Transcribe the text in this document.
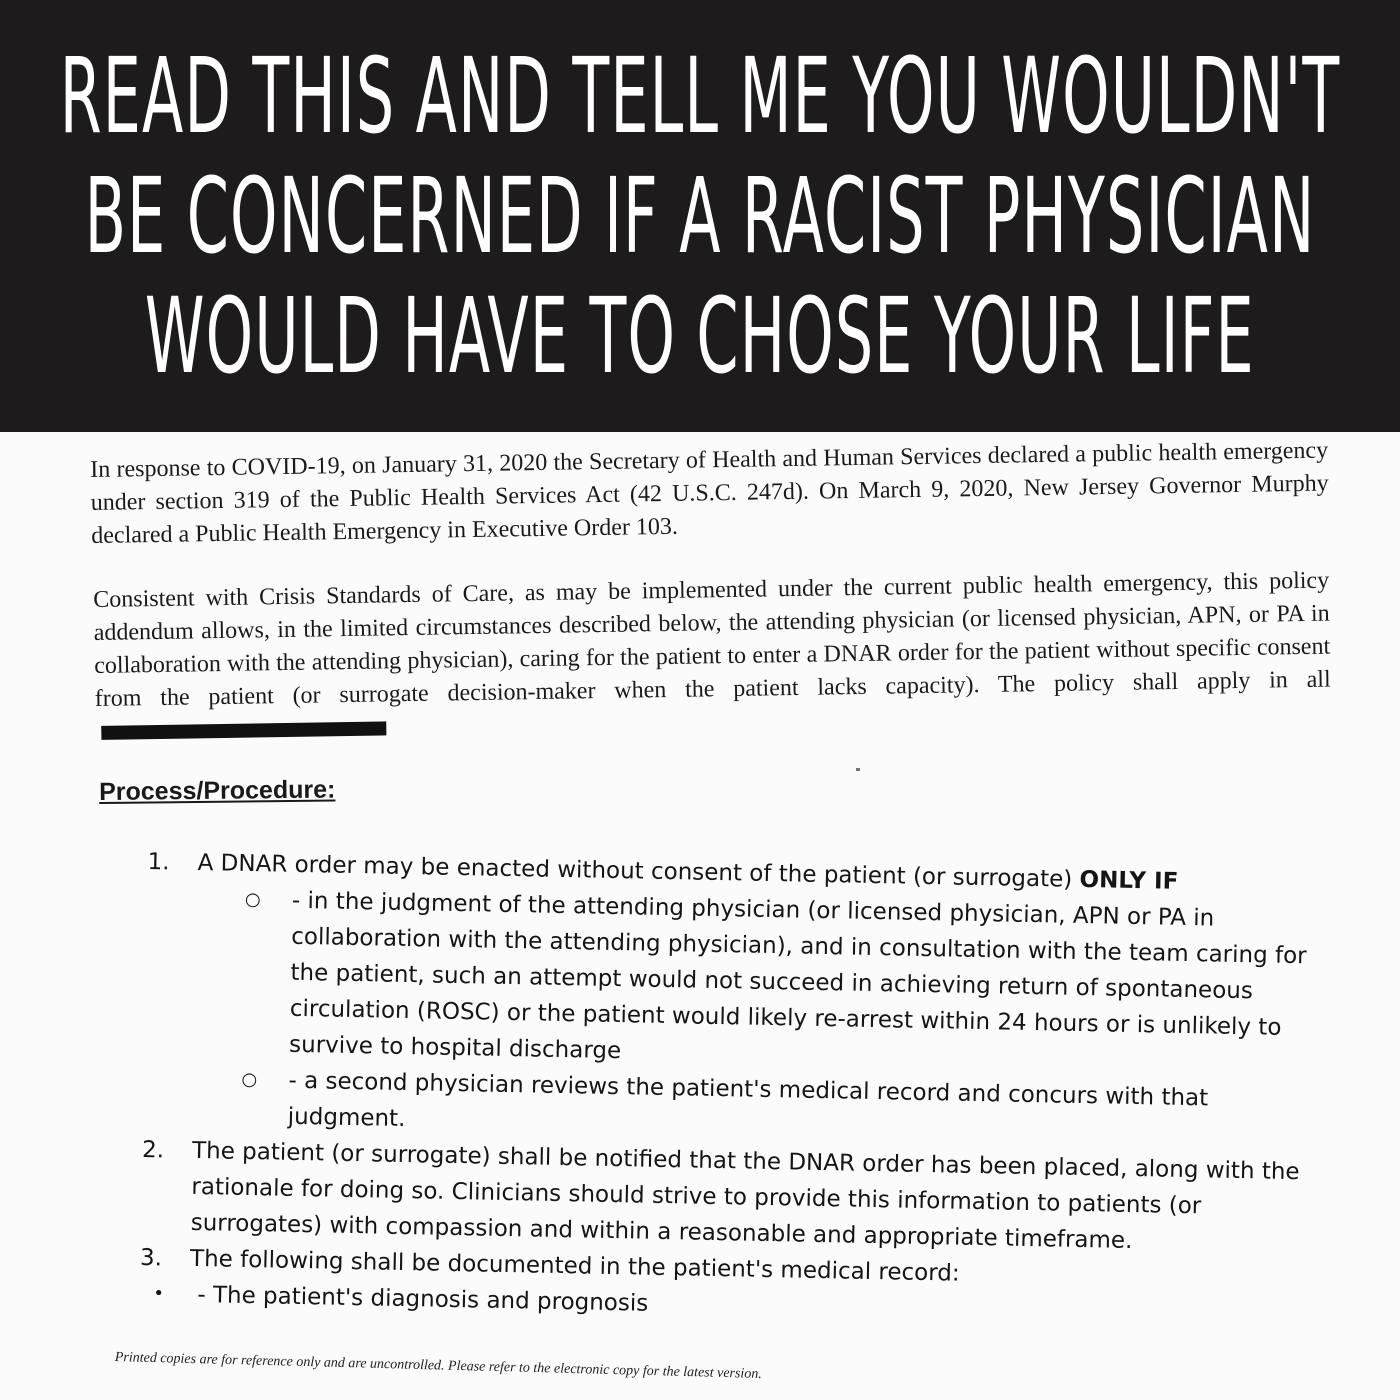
READ THIS AND TELL ME YOU WOULDN'T
BE CONCERNED IF A RACIST PHYSICIAN
WOULD HAVE TO CHOSE YOUR LIFE
In response to COVID-19, on January 31, 2020 the Secretary of Health and Human Services declared a public health emergency under section 319 of the Public Health Services Act (42 U.S.C. 247d). On March 9, 2020, New Jersey Governor Murphy declared a Public Health Emergency in Executive Order 103.
Consistent with Crisis Standards of Care, as may be implemented under the current public health emergency, this policy addendum allows, in the limited circumstances described below, the attending physician (or licensed physician, APN, or PA in collaboration with the attending physician), caring for the patient to enter a DNAR order for the patient without specific consent from the patient (or surrogate decision-maker when the patient lacks capacity). The policy shall apply in all
Process/Procedure:
1. A DNAR order may be enacted without consent of the patient (or surrogate) ONLY IF
○ - in the judgment of the attending physician (or licensed physician, APN or PA in collaboration with the attending physician), and in consultation with the team caring for the patient, such an attempt would not succeed in achieving return of spontaneous circulation (ROSC) or the patient would likely re-arrest within 24 hours or is unlikely to survive to hospital discharge
○ - a second physician reviews the patient's medical record and concurs with that judgment.
2. The patient (or surrogate) shall be notified that the DNAR order has been placed, along with the rationale for doing so. Clinicians should strive to provide this information to patients (or surrogates) with compassion and within a reasonable and appropriate timeframe.
3. The following shall be documented in the patient's medical record:
• - The patient's diagnosis and prognosis
Printed copies are for reference only and are uncontrolled. Please refer to the electronic copy for the latest version.
